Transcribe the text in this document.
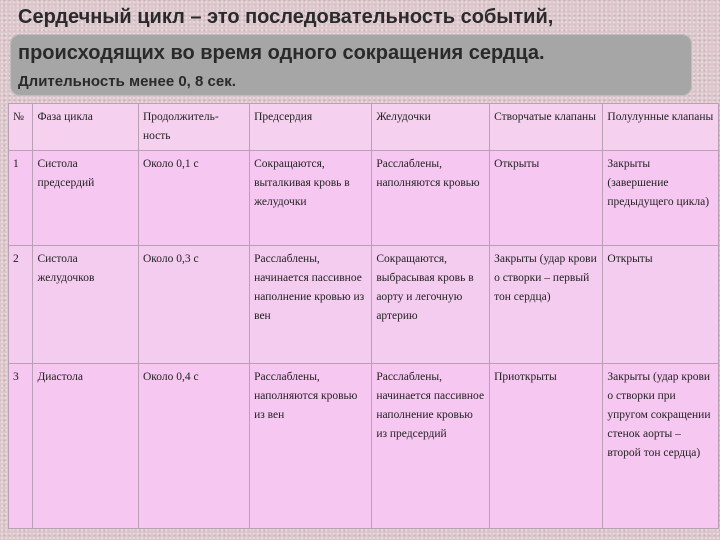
Сердечный цикл – это последовательность событий,
происходящих во время одного сокращения сердца.
Длительность менее 0, 8 сек.
№	Фаза цикла	Продолжитель-ность	Предсердия	Желудочки	Створчатые клапаны	Полулунные клапаны
1	Систола предсердий	Около 0,1 с	Сокращаются, выталкивая кровь в желудочки	Расслаблены, наполняются кровью	Открыты	Закрыты (завершение предыдущего цикла)
2	Систола желудочков	Около 0,3 с	Расслаблены, начинается пассивное наполнение кровью из вен	Сокращаются, выбрасывая кровь в аорту и легочную артерию	Закрыты (удар крови о створки – первый тон сердца)	Открыты
3	Диастола	Около 0,4 с	Расслаблены, наполняются кровью из вен	Расслаблены, начинается пассивное наполнение кровью из предсердий	Приоткрыты	Закрыты (удар крови о створки при упругом сокращении стенок аорты – второй тон сердца)
